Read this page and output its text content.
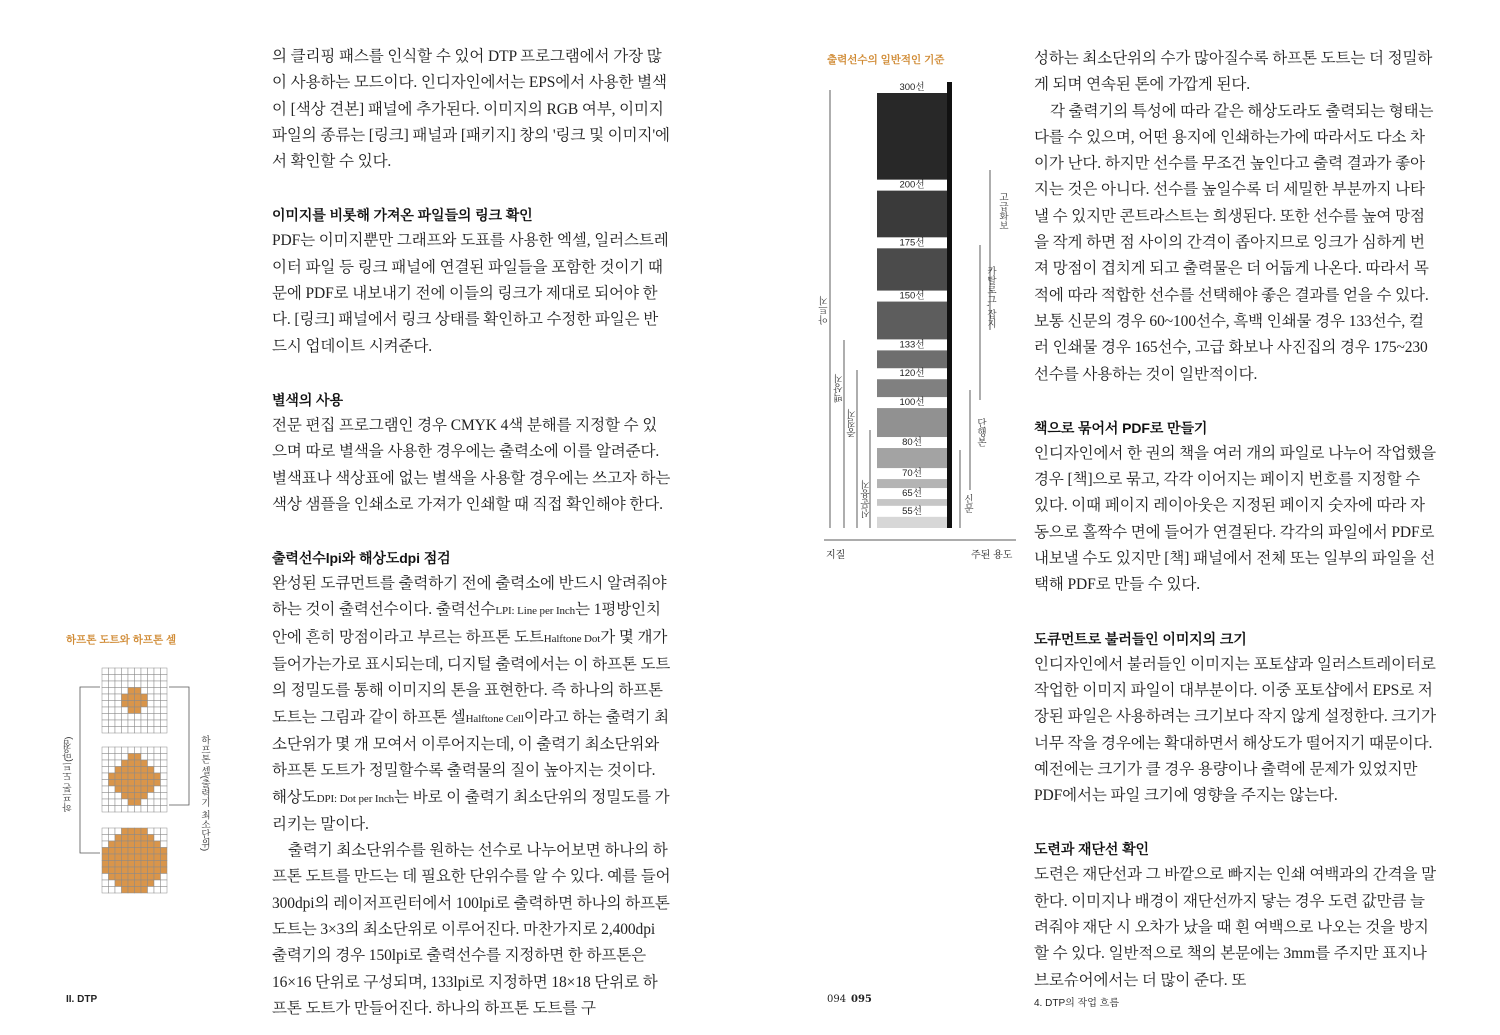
의 클리핑 패스를 인식할 수 있어 DTP 프로그램에서 가장 많이 사용하는 모드이다. 인디자인에서는 EPS에서 사용한 별색이 [색상 견본] 패널에 추가된다. 이미지의 RGB 여부, 이미지 파일의 종류는 [링크] 패널과 [패키지] 창의 '링크 및 이미지'에서 확인할 수 있다.

이미지를 비롯해 가져온 파일들의 링크 확인

PDF는 이미지뿐만 그래프와 도표를 사용한 엑셀, 일러스트레이터 파일 등 링크 패널에 연결된 파일들을 포함한 것이기 때문에 PDF로 내보내기 전에 이들의 링크가 제대로 되어야 한다. [링크] 패널에서 링크 상태를 확인하고 수정한 파일은 반드시 업데이트 시켜준다.

별색의 사용

전문 편집 프로그램인 경우 CMYK 4색 분해를 지정할 수 있으며 따로 별색을 사용한 경우에는 출력소에 이를 알려준다. 별색표나 색상표에 없는 별색을 사용할 경우에는 쓰고자 하는 색상 샘플을 인쇄소로 가져가 인쇄할 때 직접 확인해야 한다.

출력선수lpi와 해상도dpi 점검

완성된 도큐먼트를 출력하기 전에 출력소에 반드시 알려줘야 하는 것이 출력선수이다. 출력선수LPI: Line per Inch는 1평방인치 안에 흔히 망점이라고 부르는 하프톤 도트Halftone Dot가 몇 개가 들어가는가로 표시되는데, 디지털 출력에서는 이 하프톤 도트의 정밀도를 통해 이미지의 톤을 표현한다. 즉 하나의 하프톤 도트는 그림과 같이 하프톤 셀Halftone Cell이라고 하는 출력기 최소단위가 몇 개 모여서 이루어지는데, 이 출력기 최소단위와 하프톤 도트가 정밀할수록 출력물의 질이 높아지는 것이다. 해상도DPI: Dot per Inch는 바로 이 출력기 최소단위의 정밀도를 가리키는 말이다.

출력기 최소단위수를 원하는 선수로 나누어보면 하나의 하프톤 도트를 만드는 데 필요한 단위수를 알 수 있다. 예를 들어 300dpi의 레이저프린터에서 100lpi로 출력하면 하나의 하프톤 도트는 3×3의 최소단위로 이루어진다. 마찬가지로 2,400dpi 출력기의 경우 150lpi로 출력선수를 지정하면 한 하프톤은 16×16 단위로 구성되며, 133lpi로 지정하면 18×18 단위로 하프톤 도트가 만들어진다. 하나의 하프톤 도트를 구

하프톤 도트와 하프톤 셀
하프톤 도트(망점)	하프톤 셀(출력기 최소단위)
II. DTP	094
출력선수의 일반적인 기준
300선
200선
175선
150선
133선
120선
100선
80선
70선
65선
55선
아트지
백상지
중질지
신문용지
고급화보
카탈로그, 잡지
단행본
신문
지질	주된 용도

성하는 최소단위의 수가 많아질수록 하프톤 도트는 더 정밀하게 되며 연속된 톤에 가깝게 된다.

각 출력기의 특성에 따라 같은 해상도라도 출력되는 형태는 다를 수 있으며, 어떤 용지에 인쇄하는가에 따라서도 다소 차이가 난다. 하지만 선수를 무조건 높인다고 출력 결과가 좋아지는 것은 아니다. 선수를 높일수록 더 세밀한 부분까지 나타낼 수 있지만 콘트라스트는 희생된다. 또한 선수를 높여 망점을 작게 하면 점 사이의 간격이 좁아지므로 잉크가 심하게 번져 망점이 겹치게 되고 출력물은 더 어둡게 나온다. 따라서 목적에 따라 적합한 선수를 선택해야 좋은 결과를 얻을 수 있다. 보통 신문의 경우 60~100선수, 흑백 인쇄물 경우 133선수, 컬러 인쇄물 경우 165선수, 고급 화보나 사진집의 경우 175~230선수를 사용하는 것이 일반적이다.

책으로 묶어서 PDF로 만들기

인디자인에서 한 권의 책을 여러 개의 파일로 나누어 작업했을 경우 [책]으로 묶고, 각각 이어지는 페이지 번호를 지정할 수 있다. 이때 페이지 레이아웃은 지정된 페이지 숫자에 따라 자동으로 홀짝수 면에 들어가 연결된다. 각각의 파일에서 PDF로 내보낼 수도 있지만 [책] 패널에서 전체 또는 일부의 파일을 선택해 PDF로 만들 수 있다.

도큐먼트로 불러들인 이미지의 크기

인디자인에서 불러들인 이미지는 포토샵과 일러스트레이터로 작업한 이미지 파일이 대부분이다. 이중 포토샵에서 EPS로 저장된 파일은 사용하려는 크기보다 작지 않게 설정한다. 크기가 너무 작을 경우에는 확대하면서 해상도가 떨어지기 때문이다. 예전에는 크기가 클 경우 용량이나 출력에 문제가 있었지만 PDF에서는 파일 크기에 영향을 주지는 않는다.

도련과 재단선 확인

도련은 재단선과 그 바깥으로 빠지는 인쇄 여백과의 간격을 말한다. 이미지나 배경이 재단선까지 닿는 경우 도련 값만큼 늘려줘야 재단 시 오차가 났을 때 흰 여백으로 나오는 것을 방지할 수 있다. 일반적으로 책의 본문에는 3mm를 주지만 표지나 브로슈어에서는 더 많이 준다. 또

095	4. DTP의 작업 흐름
